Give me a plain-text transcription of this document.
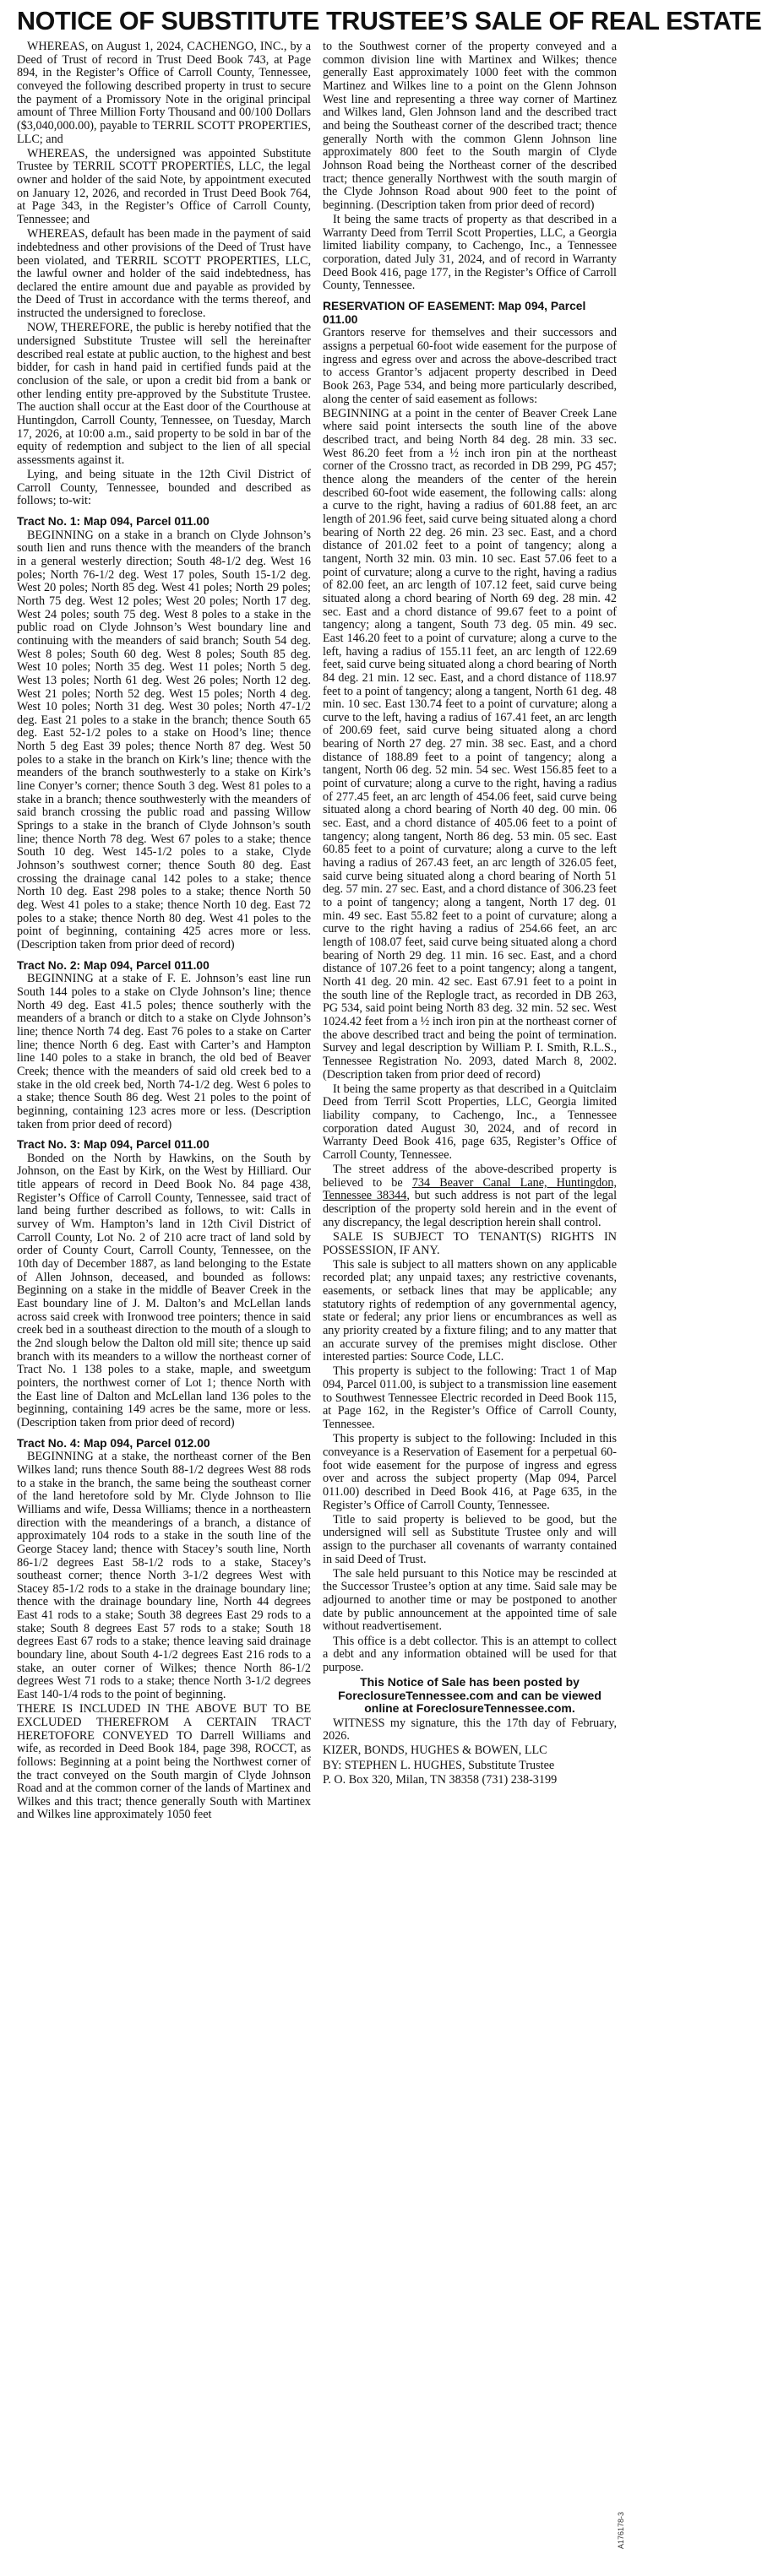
NOTICE OF SUBSTITUTE TRUSTEE’S SALE OF REAL ESTATE

WHEREAS, on August 1, 2024, CACHENGO, INC., by a Deed of Trust of record in Trust Deed Book 743, at Page 894, in the Register’s Office of Carroll County, Tennessee, conveyed the following described property in trust to secure the payment of a Promissory Note in the original principal amount of Three Million Forty Thousand and 00/100 Dollars ($3,040,000.00), payable to TERRIL SCOTT PROPERTIES, LLC; and

WHEREAS, the undersigned was appointed Substitute Trustee by TERRIL SCOTT PROPERTIES, LLC, the legal owner and holder of the said Note, by appointment executed on January 12, 2026, and recorded in Trust Deed Book 764, at Page 343, in the Register’s Office of Carroll County, Tennessee; and

WHEREAS, default has been made in the payment of said indebtedness and other provisions of the Deed of Trust have been violated, and TERRIL SCOTT PROPERTIES, LLC, the lawful owner and holder of the said indebtedness, has declared the entire amount due and payable as provided by the Deed of Trust in accordance with the terms thereof, and instructed the undersigned to foreclose.

NOW, THEREFORE, the public is hereby notified that the undersigned Substitute Trustee will sell the hereinafter described real estate at public auction, to the highest and best bidder, for cash in hand paid in certified funds paid at the conclusion of the sale, or upon a credit bid from a bank or other lending entity pre-approved by the Substitute Trustee. The auction shall occur at the East door of the Courthouse at Huntingdon, Carroll County, Tennessee, on Tuesday, March 17, 2026, at 10:00 a.m., said property to be sold in bar of the equity of redemption and subject to the lien of all special assessments against it.

Lying, and being situate in the 12th Civil District of Carroll County, Tennessee, bounded and described as follows; to-wit:

Tract No. 1: Map 094, Parcel 011.00

BEGINNING on a stake in a branch on Clyde Johnson’s south lien and runs thence with the meanders of the branch in a general westerly direction; South 48-1/2 deg. West 16 poles; North 76-1/2 deg. West 17 poles, South 15-1/2 deg. West 20 poles; North 85 deg. West 41 poles; North 29 poles; North 75 deg. West 12 poles; West 20 poles; North 17 deg. West 24 poles; south 75 deg. West 8 poles to a stake in the public road on Clyde Johnson’s West boundary line and continuing with the meanders of said branch; South 54 deg. West 8 poles; South 60 deg. West 8 poles; South 85 deg. West 10 poles; North 35 deg. West 11 poles; North 5 deg. West 13 poles; North 61 deg. West 26 poles; North 12 deg. West 21 poles; North 52 deg. West 15 poles; North 4 deg. West 10 poles; North 31 deg. West 30 poles; North 47-1/2 deg. East 21 poles to a stake in the branch; thence South 65 deg. East 52-1/2 poles to a stake on Hood’s line; thence North 5 deg East 39 poles; thence North 87 deg. West 50 poles to a stake in the branch on Kirk’s line; thence with the meanders of the branch southwesterly to a stake on Kirk’s line Conyer’s corner; thence South 3 deg. West 81 poles to a stake in a branch; thence southwesterly with the meanders of said branch crossing the public road and passing Willow Springs to a stake in the branch of Clyde Johnson’s south line; thence North 78 deg. West 67 poles to a stake; thence South 10 deg. West 145-1/2 poles to a stake, Clyde Johnson’s southwest corner; thence South 80 deg. East crossing the drainage canal 142 poles to a stake; thence North 10 deg. East 298 poles to a stake; thence North 50 deg. West 41 poles to a stake; thence North 10 deg. East 72 poles to a stake; thence North 80 deg. West 41 poles to the point of beginning, containing 425 acres more or less. (Description taken from prior deed of record)

Tract No. 2: Map 094, Parcel 011.00

BEGINNING at a stake of F. E. Johnson’s east line run South 144 poles to a stake on Clyde Johnson’s line; thence North 49 deg. East 41.5 poles; thence southerly with the meanders of a branch or ditch to a stake on Clyde Johnson’s line; thence North 74 deg. East 76 poles to a stake on Carter line; thence North 6 deg. East with Carter’s and Hampton line 140 poles to a stake in branch, the old bed of Beaver Creek; thence with the meanders of said old creek bed to a stake in the old creek bed, North 74-1/2 deg. West 6 poles to a stake; thence South 86 deg. West 21 poles to the point of beginning, containing 123 acres more or less. (Description taken from prior deed of record)

Tract No. 3: Map 094, Parcel 011.00

Bonded on the North by Hawkins, on the South by Johnson, on the East by Kirk, on the West by Hilliard. Our title appears of record in Deed Book No. 84 page 438, Register’s Office of Carroll County, Tennessee, said tract of land being further described as follows, to wit: Calls in survey of Wm. Hampton’s land in 12th Civil District of Carroll County, Lot No. 2 of 210 acre tract of land sold by order of County Court, Carroll County, Tennessee, on the 10th day of December 1887, as land belonging to the Estate of Allen Johnson, deceased, and bounded as follows: Beginning on a stake in the middle of Beaver Creek in the East boundary line of J. M. Dalton’s and McLellan lands across said creek with Ironwood tree pointers; thence in said creek bed in a southeast direction to the mouth of a slough to the 2nd slough below the Dalton old mill site; thence up said branch with its meanders to a willow the northeast corner of Tract No. 1 138 poles to a stake, maple, and sweetgum pointers, the northwest corner of Lot 1; thence North with the East line of Dalton and McLellan land 136 poles to the beginning, containing 149 acres be the same, more or less. (Description taken from prior deed of record)

Tract No. 4: Map 094, Parcel 012.00

BEGINNING at a stake, the northeast corner of the Ben Wilkes land; runs thence South 88-1/2 degrees West 88 rods to a stake in the branch, the same being the southeast corner of the land heretofore sold by Mr. Clyde Johnson to Ilie Williams and wife, Dessa Williams; thence in a northeastern direction with the meanderings of a branch, a distance of approximately 104 rods to a stake in the south line of the George Stacey land; thence with Stacey’s south line, North 86-1/2 degrees East 58-1/2 rods to a stake, Stacey’s southeast corner; thence North 3-1/2 degrees West with Stacey 85-1/2 rods to a stake in the drainage boundary line; thence with the drainage boundary line, North 44 degrees East 41 rods to a stake; South 38 degrees East 29 rods to a stake; South 8 degrees East 57 rods to a stake; South 18 degrees East 67 rods to a stake; thence leaving said drainage boundary line, about South 4-1/2 degrees East 216 rods to a stake, an outer corner of Wilkes; thence North 86-1/2 degrees West 71 rods to a stake; thence North 3-1/2 degrees East 140-1/4 rods to the point of beginning.

THERE IS INCLUDED IN THE ABOVE BUT TO BE EXCLUDED THEREFROM A CERTAIN TRACT HERETOFORE CONVEYED TO Darrell Williams and wife, as recorded in Deed Book 184, page 398, ROCCT, as follows: Beginning at a point being the Northwest corner of the tract conveyed on the South margin of Clyde Johnson Road and at the common corner of the lands of Martinex and Wilkes and this tract; thence generally South with Martinex and Wilkes line approximately 1050 feet

to the Southwest corner of the property conveyed and a common division line with Martinex and Wilkes; thence generally East approximately 1000 feet with the common Martinez and Wilkes line to a point on the Glenn Johnson West line and representing a three way corner of Martinez and Wilkes land, Glen Johnson land and the described tract and being the Southeast corner of the described tract; thence generally North with the common Glenn Johnson line approximately 800 feet to the South margin of Clyde Johnson Road being the Northeast corner of the described tract; thence generally Northwest with the south margin of the Clyde Johnson Road about 900 feet to the point of beginning. (Description taken from prior deed of record)

It being the same tracts of property as that described in a Warranty Deed from Terril Scott Properties, LLC, a Georgia limited liability company, to Cachengo, Inc., a Tennessee corporation, dated July 31, 2024, and of record in Warranty Deed Book 416, page 177, in the Register’s Office of Carroll County, Tennessee.

RESERVATION OF EASEMENT: Map 094, Parcel 011.00

Grantors reserve for themselves and their successors and assigns a perpetual 60-foot wide easement for the purpose of ingress and egress over and across the above-described tract to access Grantor’s adjacent property described in Deed Book 263, Page 534, and being more particularly described, along the center of said easement as follows:

BEGINNING at a point in the center of Beaver Creek Lane where said point intersects the south line of the above described tract, and being North 84 deg. 28 min. 33 sec. West 86.20 feet from a ½ inch iron pin at the northeast corner of the Crossno tract, as recorded in DB 299, PG 457; thence along the meanders of the center of the herein described 60-foot wide easement, the following calls: along a curve to the right, having a radius of 601.88 feet, an arc length of 201.96 feet, said curve being situated along a chord bearing of North 22 deg. 26 min. 23 sec. East, and a chord distance of 201.02 feet to a point of tangency; along a tangent, North 32 min. 03 min. 10 sec. East 57.06 feet to a point of curvature; along a curve to the right, having a radius of 82.00 feet, an arc length of 107.12 feet, said curve being situated along a chord bearing of North 69 deg. 28 min. 42 sec. East and a chord distance of 99.67 feet to a point of tangency; along a tangent, South 73 deg. 05 min. 49 sec. East 146.20 feet to a point of curvature; along a curve to the left, having a radius of 155.11 feet, an arc length of 122.69 feet, said curve being situated along a chord bearing of North 84 deg. 21 min. 12 sec. East, and a chord distance of 118.97 feet to a point of tangency; along a tangent, North 61 deg. 48 min. 10 sec. East 130.74 feet to a point of curvature; along a curve to the left, having a radius of 167.41 feet, an arc length of 200.69 feet, said curve being situated along a chord bearing of North 27 deg. 27 min. 38 sec. East, and a chord distance of 188.89 feet to a point of tangency; along a tangent, North 06 deg. 52 min. 54 sec. West 156.85 feet to a point of curvature; along a curve to the right, having a radius of 277.45 feet, an arc length of 454.06 feet, said curve being situated along a chord bearing of North 40 deg. 00 min. 06 sec. East, and a chord distance of 405.06 feet to a point of tangency; along tangent, North 86 deg. 53 min. 05 sec. East 60.85 feet to a point of curvature; along a curve to the left having a radius of 267.43 feet, an arc length of 326.05 feet, said curve being situated along a chord bearing of North 51 deg. 57 min. 27 sec. East, and a chord distance of 306.23 feet to a point of tangency; along a tangent, North 17 deg. 01 min. 49 sec. East 55.82 feet to a point of curvature; along a curve to the right having a radius of 254.66 feet, an arc length of 108.07 feet, said curve being situated along a chord bearing of North 29 deg. 11 min. 16 sec. East, and a chord distance of 107.26 feet to a point tangency; along a tangent, North 41 deg. 20 min. 42 sec. East 67.91 feet to a point in the south line of the Replogle tract, as recorded in DB 263, PG 534, said point being North 83 deg. 32 min. 52 sec. West 1024.42 feet from a ½ inch iron pin at the northeast corner of the above described tract and being the point of termination. Survey and legal description by William P. I. Smith, R.L.S., Tennessee Registration No. 2093, dated March 8, 2002. (Description taken from prior deed of record)

It being the same property as that described in a Quitclaim Deed from Terril Scott Properties, LLC, Georgia limited liability company, to Cachengo, Inc., a Tennessee corporation dated August 30, 2024, and of record in Warranty Deed Book 416, page 635, Register’s Office of Carroll County, Tennessee.

The street address of the above-described property is believed to be 734 Beaver Canal Lane, Huntingdon, Tennessee 38344, but such address is not part of the legal description of the property sold herein and in the event of any discrepancy, the legal description herein shall control.

SALE IS SUBJECT TO TENANT(S) RIGHTS IN POSSESSION, IF ANY.

This sale is subject to all matters shown on any applicable recorded plat; any unpaid taxes; any restrictive covenants, easements, or setback lines that may be applicable; any statutory rights of redemption of any governmental agency, state or federal; any prior liens or encumbrances as well as any priority created by a fixture filing; and to any matter that an accurate survey of the premises might disclose. Other interested parties: Source Code, LLC.

This property is subject to the following: Tract 1 of Map 094, Parcel 011.00, is subject to a transmission line easement to Southwest Tennessee Electric recorded in Deed Book 115, at Page 162, in the Register’s Office of Carroll County, Tennessee.

This property is subject to the following: Included in this conveyance is a Reservation of Easement for a perpetual 60-foot wide easement for the purpose of ingress and egress over and across the subject property (Map 094, Parcel 011.00) described in Deed Book 416, at Page 635, in the Register’s Office of Carroll County, Tennessee.

Title to said property is believed to be good, but the undersigned will sell as Substitute Trustee only and will assign to the purchaser all covenants of warranty contained in said Deed of Trust.

The sale held pursuant to this Notice may be rescinded at the Successor Trustee’s option at any time. Said sale may be adjourned to another time or may be postponed to another date by public announcement at the appointed time of sale without readvertisement.

This office is a debt collector. This is an attempt to collect a debt and any information obtained will be used for that purpose.

This Notice of Sale has been posted by ForeclosureTennessee.com and can be viewed online at ForeclosureTennessee.com.

WITNESS my signature, this the 17th day of February, 2026.

KIZER, BONDS, HUGHES & BOWEN, LLC

BY: STEPHEN L. HUGHES, Substitute Trustee

P. O. Box 320, Milan, TN 38358 (731) 238-3199

A176178-3
